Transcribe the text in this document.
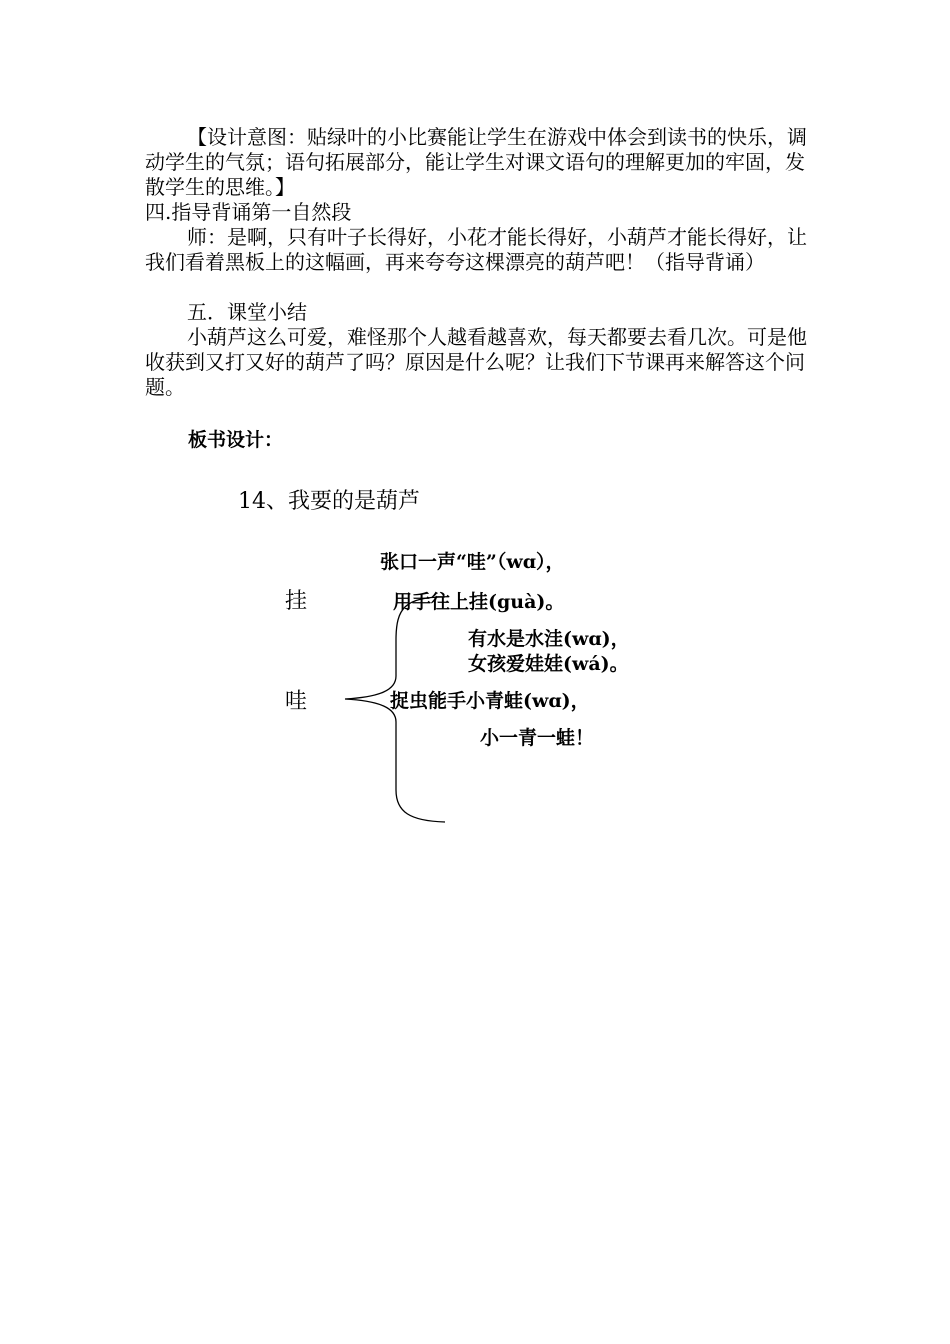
【设计意图：贴绿叶的小比赛能让学生在游戏中体会到读书的快乐，调动学生的气氛；语句拓展部分，能让学生对课文语句的理解更加的牢固，发散学生的思维。】
四.指导背诵第一自然段
师：是啊，只有叶子长得好，小花才能长得好，小葫芦才能长得好，让我们看着黑板上的这幅画，再来夸夸这棵漂亮的葫芦吧！（指导背诵）
五．课堂小结
小葫芦这么可爱，难怪那个人越看越喜欢，每天都要去看几次。可是他收获到又打又好的葫芦了吗？原因是什么呢？让我们下节课再来解答这个问题。
板书设计：
14、我要的是葫芦
挂
哇
张口一声“哇”（wɑ），
用手往上挂(guà)。
有水是水洼(wɑ)，
女孩爱娃娃(wá)。
捉虫能手小青蛙(wɑ)，
小一青一蛙！
